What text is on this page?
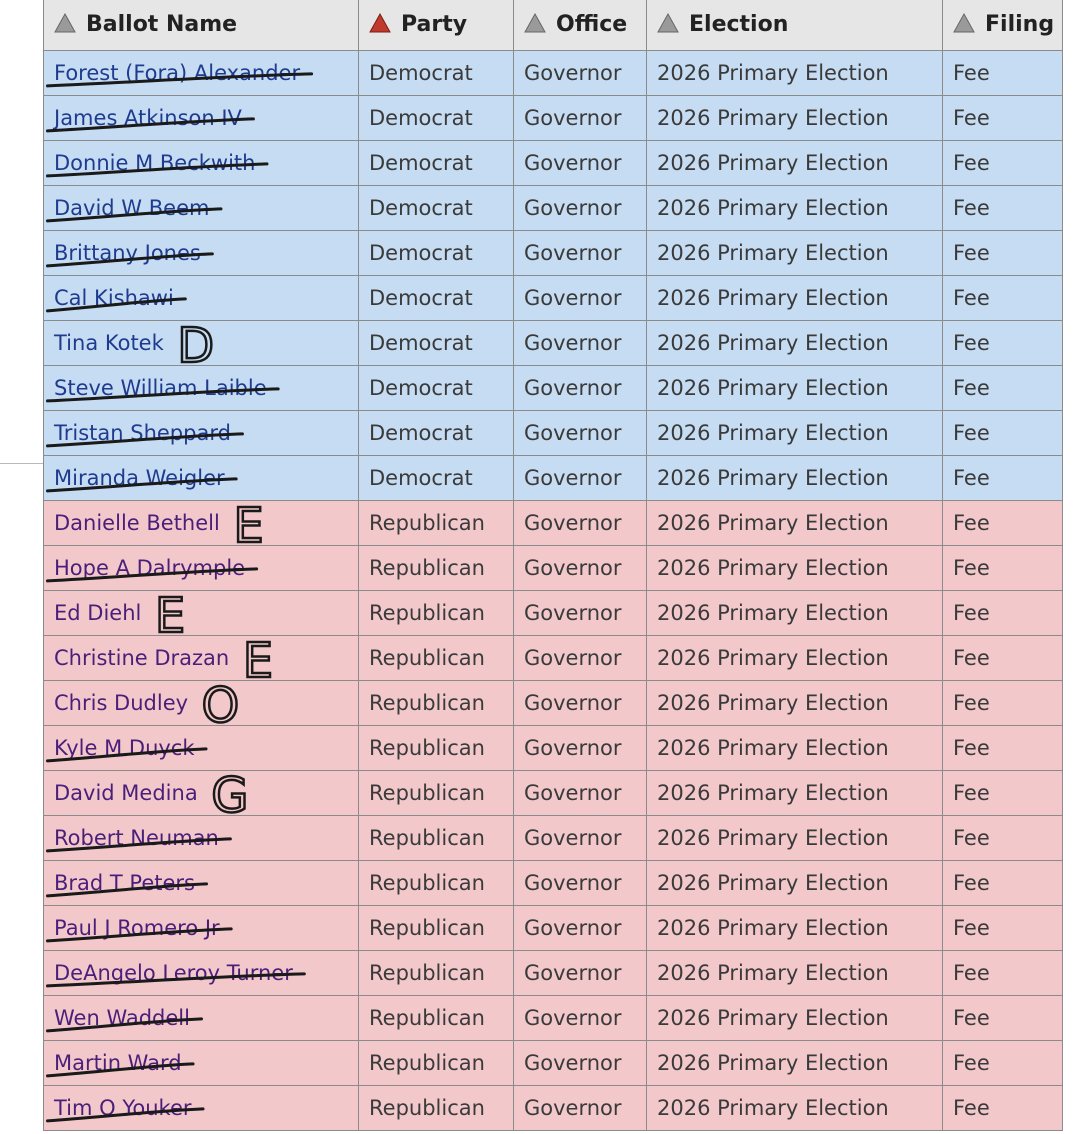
Ballot Name	Party	Office	Election	Filing
Forest (Fora) Alexander	Democrat	Governor	2026 Primary Election	Fee
James Atkinson IV	Democrat	Governor	2026 Primary Election	Fee
Donnie M Beckwith	Democrat	Governor	2026 Primary Election	Fee
David W Beem	Democrat	Governor	2026 Primary Election	Fee
Brittany Jones	Democrat	Governor	2026 Primary Election	Fee
Cal Kishawi	Democrat	Governor	2026 Primary Election	Fee
Tina Kotek	Democrat	Governor	2026 Primary Election	Fee
Steve William Laible	Democrat	Governor	2026 Primary Election	Fee
Tristan Sheppard	Democrat	Governor	2026 Primary Election	Fee
Miranda Weigler	Democrat	Governor	2026 Primary Election	Fee
Danielle Bethell	Republican	Governor	2026 Primary Election	Fee
Hope A Dalrymple	Republican	Governor	2026 Primary Election	Fee
Ed Diehl	Republican	Governor	2026 Primary Election	Fee
Christine Drazan	Republican	Governor	2026 Primary Election	Fee
Chris Dudley	Republican	Governor	2026 Primary Election	Fee
Kyle M Duyck	Republican	Governor	2026 Primary Election	Fee
David Medina	Republican	Governor	2026 Primary Election	Fee
Robert Neuman	Republican	Governor	2026 Primary Election	Fee
Brad T Peters	Republican	Governor	2026 Primary Election	Fee
Paul J Romero Jr	Republican	Governor	2026 Primary Election	Fee
DeAngelo Leroy Turner	Republican	Governor	2026 Primary Election	Fee
Wen Waddell	Republican	Governor	2026 Primary Election	Fee
Martin Ward	Republican	Governor	2026 Primary Election	Fee
Tim O Youker	Republican	Governor	2026 Primary Election	Fee
D
E
E
E
O
G
